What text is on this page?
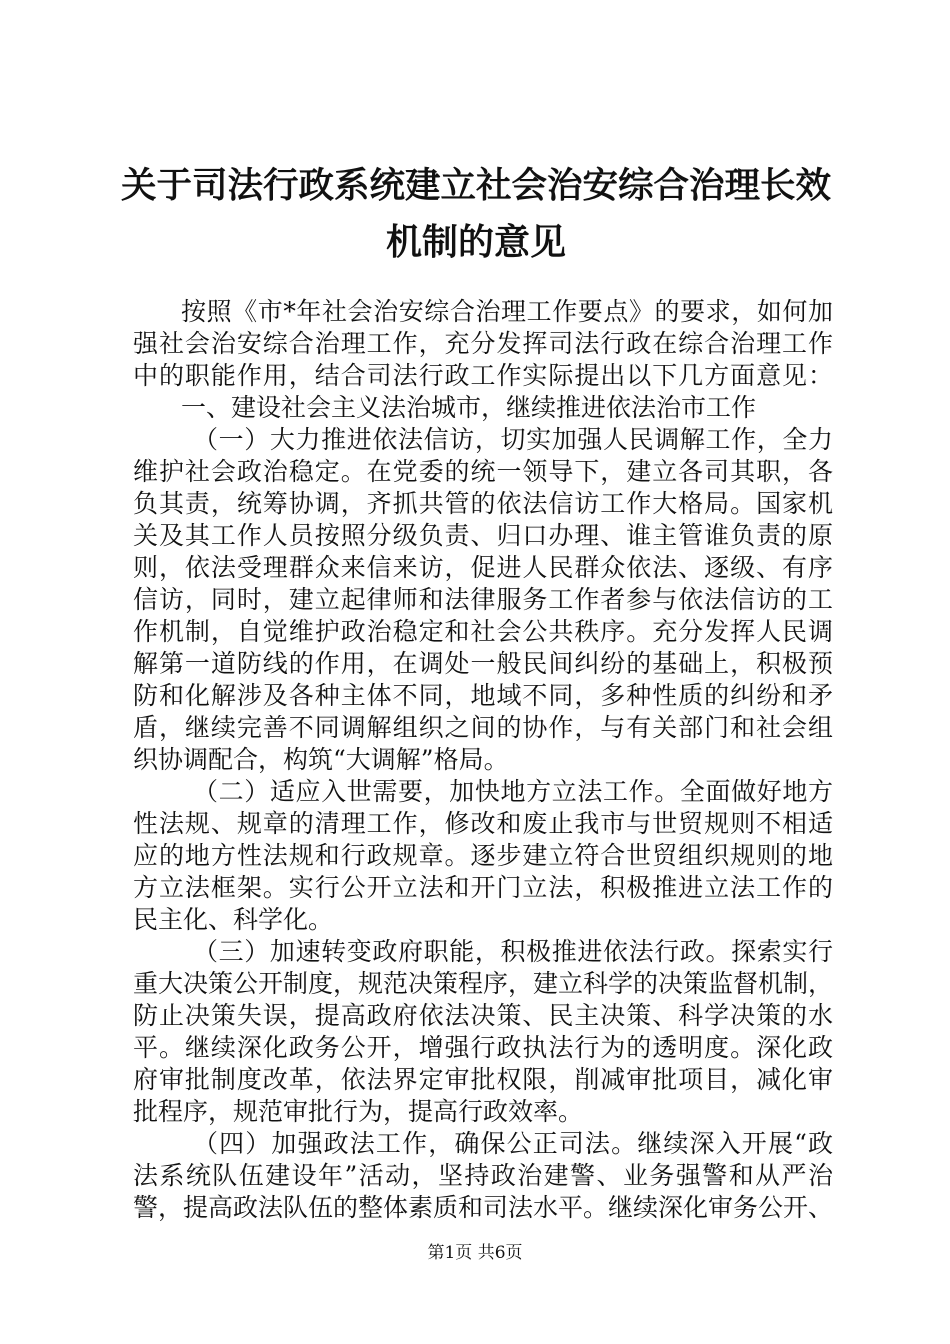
关于司法行政系统建立社会治安综合治理长效
机制的意见
按照《市*年社会治安综合治理工作要点》的要求，如何加
强社会治安综合治理工作，充分发挥司法行政在综合治理工作
中的职能作用，结合司法行政工作实际提出以下几方面意见：
一、建设社会主义法治城市，继续推进依法治市工作
（一）大力推进依法信访，切实加强人民调解工作，全力
维护社会政治稳定。在党委的统一领导下，建立各司其职，各
负其责，统筹协调，齐抓共管的依法信访工作大格局。国家机
关及其工作人员按照分级负责、归口办理、谁主管谁负责的原
则，依法受理群众来信来访，促进人民群众依法、逐级、有序
信访，同时，建立起律师和法律服务工作者参与依法信访的工
作机制，自觉维护政治稳定和社会公共秩序。充分发挥人民调
解第一道防线的作用，在调处一般民间纠纷的基础上，积极预
防和化解涉及各种主体不同，地域不同，多种性质的纠纷和矛
盾，继续完善不同调解组织之间的协作，与有关部门和社会组
织协调配合，构筑“大调解”格局。
（二）适应入世需要，加快地方立法工作。全面做好地方
性法规、规章的清理工作，修改和废止我市与世贸规则不相适
应的地方性法规和行政规章。逐步建立符合世贸组织规则的地
方立法框架。实行公开立法和开门立法，积极推进立法工作的
民主化、科学化。
（三）加速转变政府职能，积极推进依法行政。探索实行
重大决策公开制度，规范决策程序，建立科学的决策监督机制，
防止决策失误，提高政府依法决策、民主决策、科学决策的水
平。继续深化政务公开，增强行政执法行为的透明度。深化政
府审批制度改革，依法界定审批权限，削减审批项目，减化审
批程序，规范审批行为，提高行政效率。
（四）加强政法工作，确保公正司法。继续深入开展“政
法系统队伍建设年”活动，坚持政治建警、业务强警和从严治
警，提高政法队伍的整体素质和司法水平。继续深化审务公开、
第1页 共6页
